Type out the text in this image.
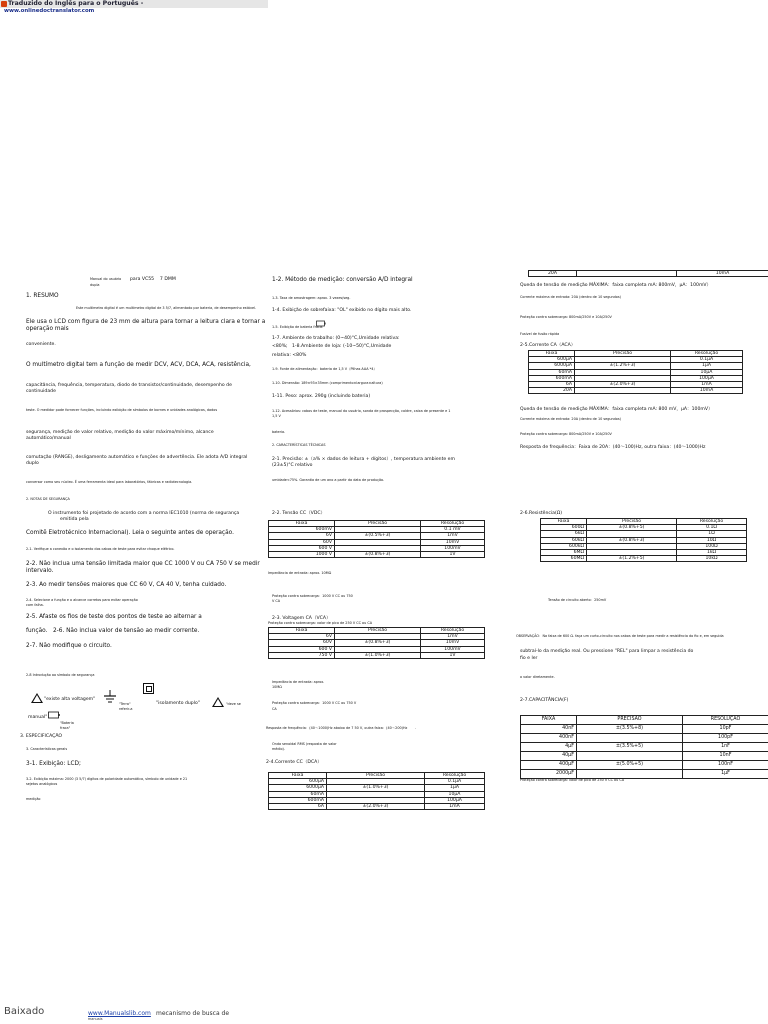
Traduzido do Inglês para o Português -
www.onlinedoctranslator.com
Manual do usuário para VC55    7 DMM
dupla
1. RESUMO
Este multímetro digital é um multímetro digital de 3 5/7, alimentado por bateria, de desempenho estável.
Ele usa o LCD com figura de 23 mm de altura para tornar a leitura clara e tornar a
operação mais
conveniente.
O multímetro digital tem a função de medir DCV, ACV, DCA, ACA, resistência,
capacitância, frequência, temperatura, diodo de transistor/continuidade, desempenho de
continuidade
teste. O medidor pode fornecer funções, incluindo exibição de símbolos de bornes e unidades analógicas, dados
segurança, medição de valor relativo, medição do valor máximo/mínimo, alcance
automático/manual
comutação (RANGE), desligamento automático e funções de advertência. Ele adota A/D integral
duplo
conversor como seu núcleo. É uma ferramenta ideal para laboratórios, fábricas e radiotecnologia.
2. NOTAS DE SEGURANÇA
O instrumento foi projetado de acordo com a norma IEC1010 (norma de segurança
emitida pela
Comitê Eletrotécnico Internacional). Leia o seguinte antes de operação.
2-1. Verifique a conexão e o isolamento dos cabos de teste para evitar choque elétrico.
2-2. Não inclua uma tensão limitada maior que CC 1000 V ou CA 750 V se medir
intervalo.
2-3. Ao medir tensões maiores que CC 60 V, CA 40 V, tenha cuidado.
2-4. Selecione a função e o alcance corretos para evitar operação
com falha.
2-5. Afaste os fios de teste dos pontos de teste ao alternar a
função.   2-6. Não inclua valor de tensão ao medir corrente.
2-7. Não modifique o circuito.
2-8 Introdução ao símbolo de segurança
"existe alta voltagem"
"Terra"
referir-a
"isolamento duplo"	"deve se
manual"
"Bateria
fraca"
3. ESPECIFICAÇÃO
3. Características gerais
3-1. Exibição: LCD;
3-2. Exibição máxima: 2000 (3 5/7) dígitos de polaridade automática, símbolo de unidade e 21
sejetos analógicos
medição
1-2. Método de medição: conversão A/D integral
1-3. Taxa de amostragem: aprox. 3 vezes/seg.
1-4. Exibição de sobrefaixa: "OL" exibido no dígito mais alto.
1-5. Exibição de bateria fraca:
1-7. Ambiente de trabalho: (0~40)°C,Umidade relativa:
<80%;   1-8.Ambiente de loja: (-10~50)°C,Umidade
relativa: <80%
1-9. Fonte de alimentação：bateria de 1,5 V（Pilhas AAA *4）
1-10. Dimensão: 189×93×35mm (comprimento×largura×altura)
1-11. Peso: aprox. 290g (incluindo bateria)
1-12. Acessórios: cabos de teste, manual do usuário, sonda de prospecção, coldre, caixa de presente e 1
1,5 V
bateria.
2. CARACTERÍSTICAS TÉCNICAS
2-1. Precisão: ±（a% × dados de leitura + dígitos）, temperatura ambiente em
(23±5)°C relativo
umidade<75%. Garantia de um ano a partir da data de produção.
2-2. Tensão CC（VDC）
Faixa	Precisão	Resolução
600mV		0.1 mV
6V	±(0.5%+3)	1mV
60V		10mV
600 V		100mV
1000 V	±(0.8%+3)	1V
Impedância de entrada: aprox. 10MΩ
Proteção contra sobrecarga：1000 V CC ou 750
V CA
2-3. Voltagem CA（VCA）
Proteção contra sobrecarga: valor de pico de 250 V CC ou CA
Faixa	Precisão	Resolução
6V		1mV
60V	±(0.8%+3)	10mV
600 V		100mV
750 V	±(1.0%+3)	1V
Impedância de entrada: aprox.
10MΩ
Proteção contra sobrecarga：1000 V CC ou 750 V
CA
Resposta de frequência：(40～1000)Hz abaixo de 7 50 V, outra faixa：(40～200)Hz       .
Onda senoidal RMS (resposta de valor
médio).
2-4.Corrente CC（DCA）
Faixa	Precisão	Resolução
600μA		0.1μA
6000μA	±(1.0%+3)	1μA
60mA		10μA
600mA		100μA
6A	±(2.0%+3)	1mA
20A		10mA
Queda de tensão de medição MÁXIMA：faixa completa mA: 800mV，μA：100mV）
Corrente máxima de entrada: 20A (dentro de 10 segundos)
Proteção contra sobrecarga: 800mA/250V e 10A/250V
Fusível de fusão rápida
2-5.Corrente CA（ACA）
Faixa	Precisão	Resolução
600μA		0.1μA
6000μA	±(1.2%+3)	1μA
60mA		10μA
600mA		100μA
6A	±(2.0%+3)	1mA
20A		10mA
Queda de tensão de medição MÁXIMA：faixa completa mA: 800 mV，μA：100mV）
Corrente máxima de entrada: 20A (dentro de 10 segundos)
Proteção contra sobrecarga: 800mA/250V e 10A/250V
Resposta de frequência：Faixa de 20A：(40～100)Hz, outra faixa：(40～1000)Hz
2-6.Resistência(Ω)
Faixa	Precisão	Resolução
600Ω	±(0.8%+5)	0.1Ω
6kΩ		1Ω
60kΩ	±(0.8%+3)	10Ω
600kΩ		100Ω
6MΩ		1kΩ
60MΩ	±(1.2%+5)	10kΩ
Tensão de circuito aberto：250mV
OBSERVAÇÃO：Na faixa de 600 Ω. faça um curto-circuito nos cabos de teste para medir a resistência do fio e, em seguida
subtraí-lo da medição real. Ou pressione "REL" para limpar a resistência do
fio e ler
o valor diretamente.
2-7.CAPACITÂNCIA(F)
FAIXA	PRECISÃO	RESOLUÇÃO
40nF	±(3.5%+8)	10pF
400nF		100pF
4μF	±(3.5%+5)	1nF
40μF		10nF
400μF	±(5.0%+5)	100nF
2000μF		1μF
Proteção contra sobrecarga: valor de pico de 250 V CC ou CA
Baixado	www.Manualslib.com mecanismo de busca de
manuais
